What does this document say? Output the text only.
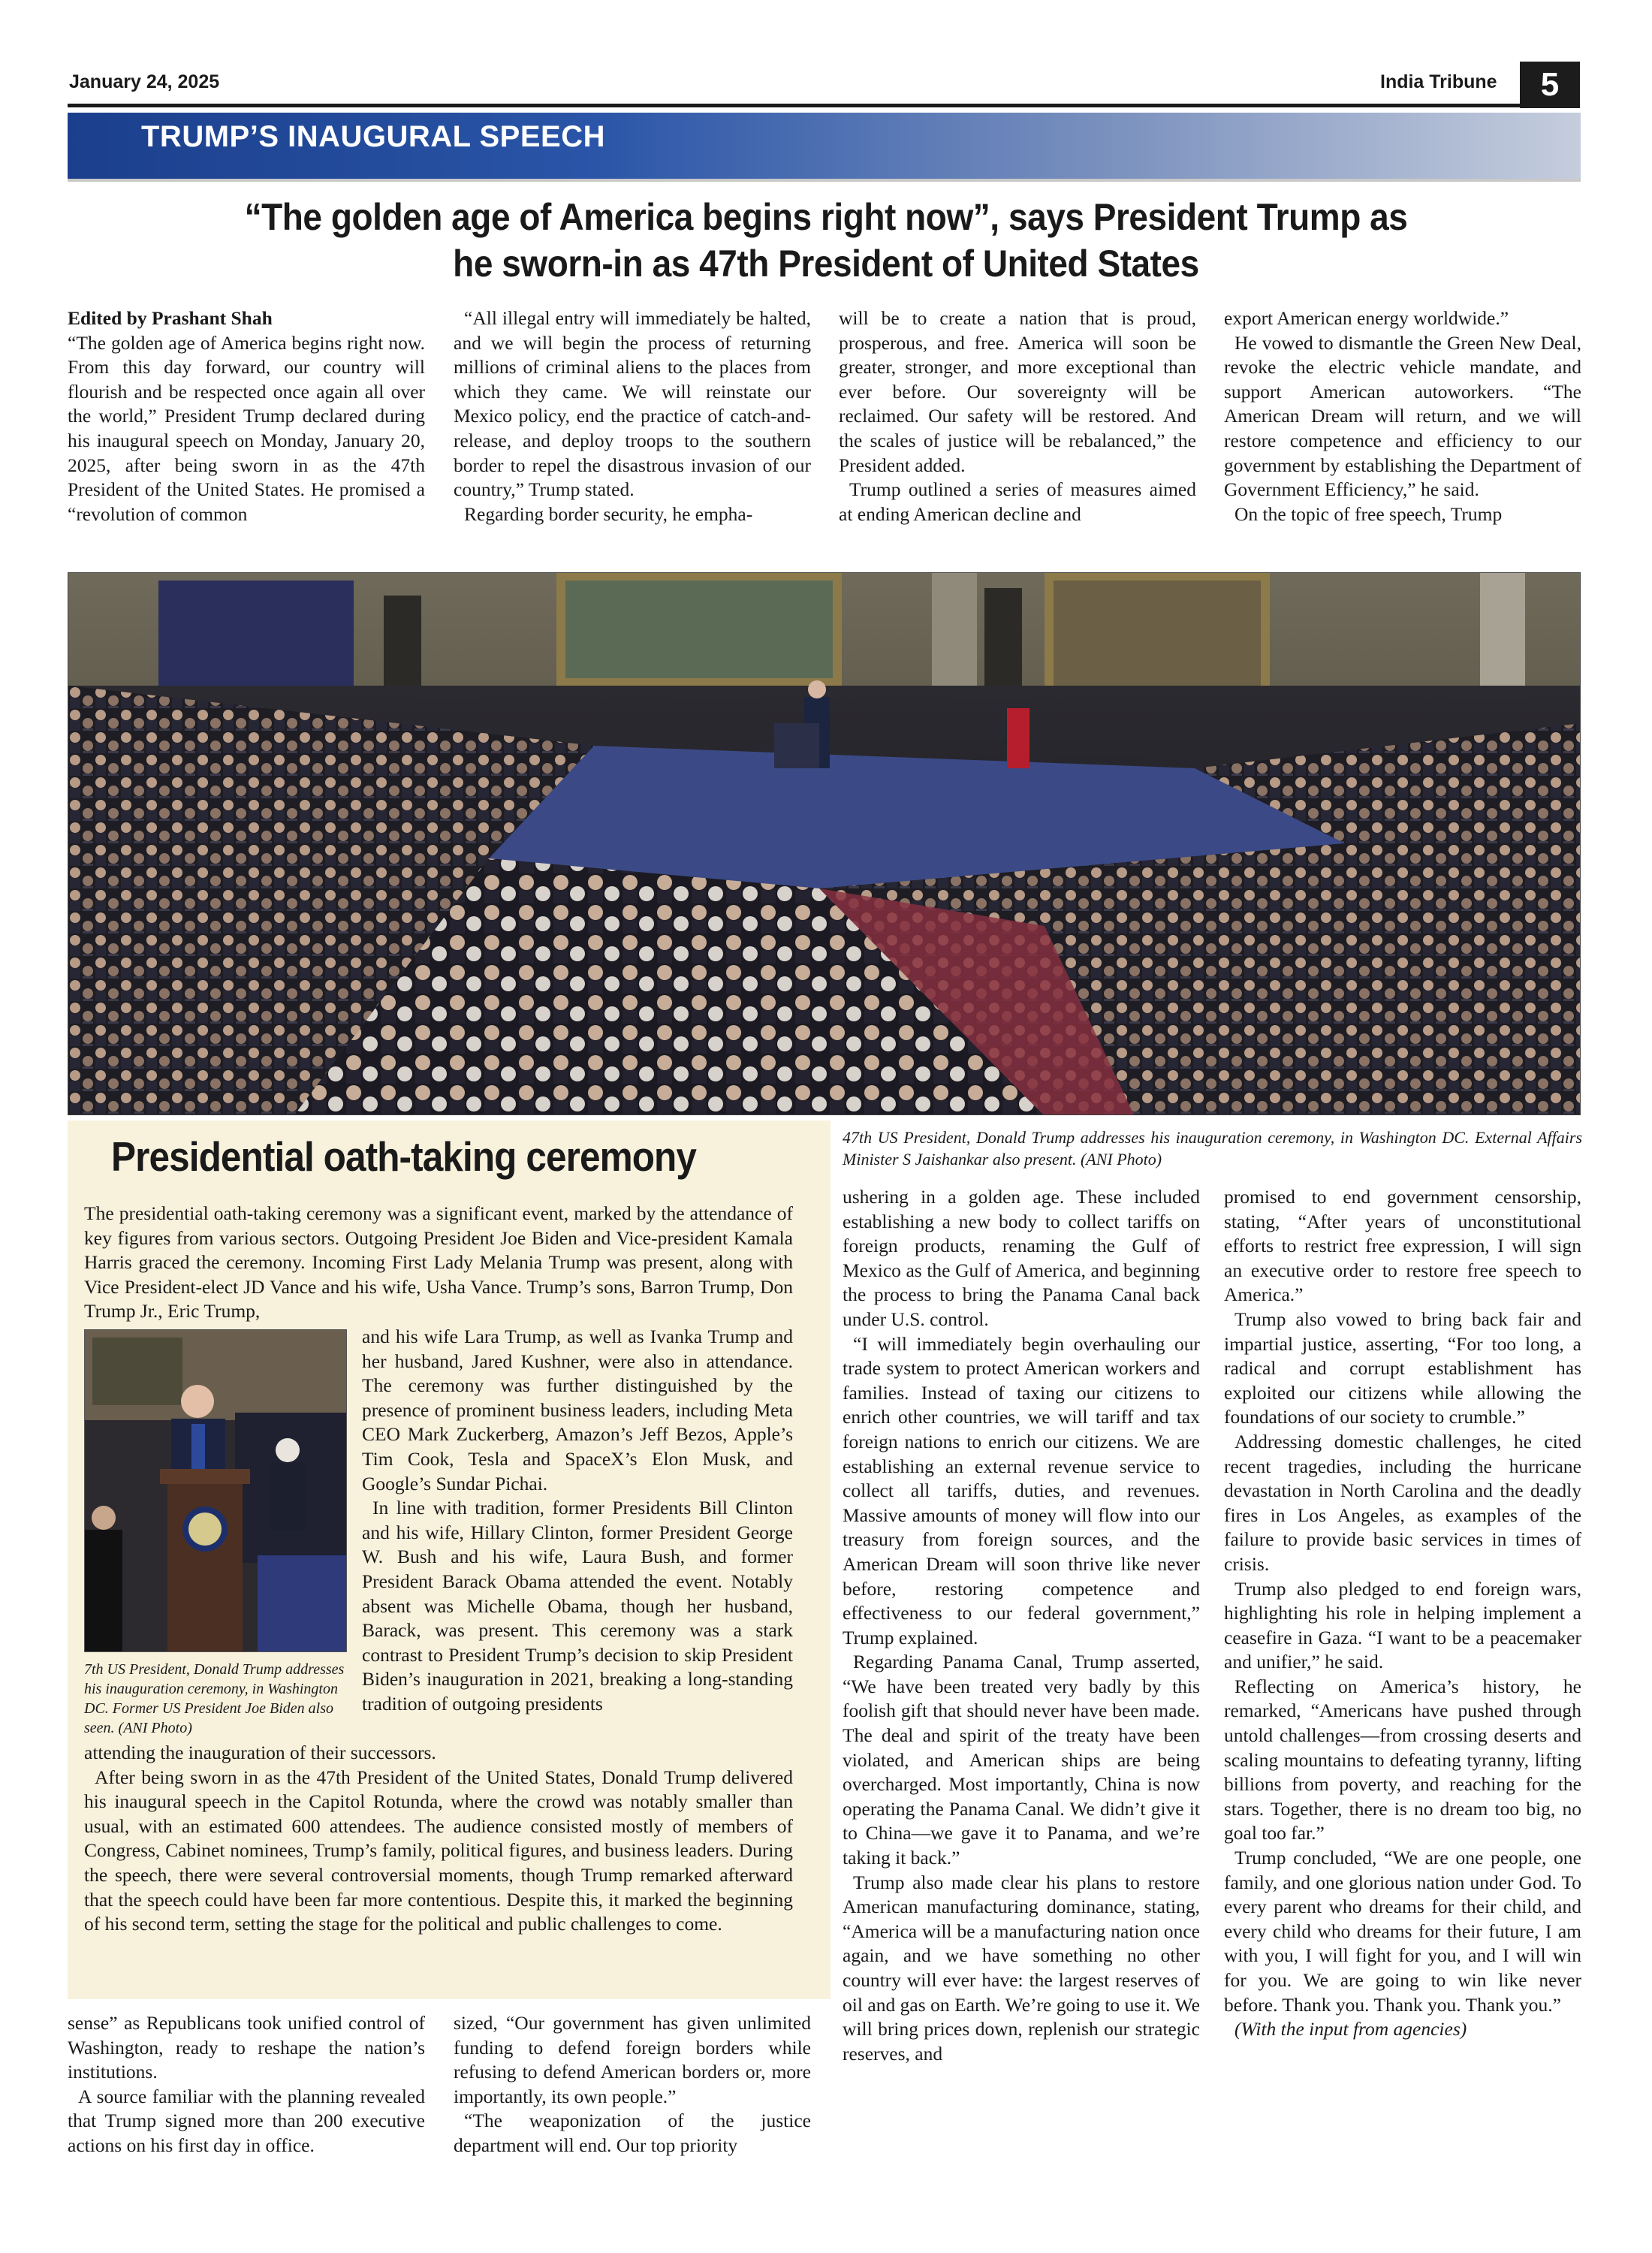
January 24, 2025	India Tribune	5
TRUMP’S INAUGURAL SPEECH
“The golden age of America begins right now”, says President Trump as
he sworn-in as 47th President of United States

Edited by Prashant Shah

“The golden age of America begins right now. From this day forward, our country will flourish and be respected once again all over the world,” President Trump declared during his inaugural speech on Monday, January 20, 2025, after being sworn in as the 47th President of the United States. He promised a “revolution of common

“All illegal entry will immediately be halted, and we will begin the process of returning millions of criminal aliens to the places from which they came. We will reinstate our Mexico policy, end the practice of catch-and-release, and deploy troops to the southern border to repel the disastrous invasion of our country,” Trump stated.

Regarding border security, he empha-

will be to create a nation that is proud, prosperous, and free. America will soon be greater, stronger, and more exceptional than ever before. Our sovereignty will be reclaimed. Our safety will be restored. And the scales of justice will be rebalanced,” the President added.

Trump outlined a series of measures aimed at ending American decline and

export American energy worldwide.”

He vowed to dismantle the Green New Deal, revoke the electric vehicle mandate, and support American autoworkers. “The American Dream will return, and we will restore competence and efficiency to our government by establishing the Department of Government Efficiency,” he said.

On the topic of free speech, Trump

47th US President, Donald Trump addresses his inauguration ceremony, in Washington DC. External Affairs Minister S Jaishankar also present. (ANI Photo)
Presidential oath-taking ceremony

The presidential oath-taking ceremony was a significant event, marked by the attendance of key figures from various sectors. Outgoing President Joe Biden and Vice-president Kamala Harris graced the ceremony. Incoming First Lady Melania Trump was present, along with Vice President-elect JD Vance and his wife, Usha Vance. Trump’s sons, Barron Trump, Don Trump Jr., Eric Trump,

7th US President, Donald Trump addresses his inauguration ceremony, in Washington DC. Former US President Joe Biden also seen. (ANI Photo)

and his wife Lara Trump, as well as Ivanka Trump and her husband, Jared Kushner, were also in attendance. The ceremony was further distinguished by the presence of prominent business leaders, including Meta CEO Mark Zuckerberg, Amazon’s Jeff Bezos, Apple’s Tim Cook, Tesla and SpaceX’s Elon Musk, and Google’s Sundar Pichai.

In line with tradition, former Presidents Bill Clinton and his wife, Hillary Clinton, former President George W. Bush and his wife, Laura Bush, and former President Barack Obama attended the event. Notably absent was Michelle Obama, though her husband, Barack, was present. This ceremony was a stark contrast to President Trump’s decision to skip President Biden’s inauguration in 2021, breaking a long-standing tradition of outgoing presidents

attending the inauguration of their successors.

After being sworn in as the 47th President of the United States, Donald Trump delivered his inaugural speech in the Capitol Rotunda, where the crowd was notably smaller than usual, with an estimated 600 attendees. The audience consisted mostly of members of Congress, Cabinet nominees, Trump’s family, political figures, and business leaders. During the speech, there were several controversial moments, though Trump remarked afterward that the speech could have been far more contentious. Despite this, it marked the beginning of his second term, setting the stage for the political and public challenges to come.

sense” as Republicans took unified control of Washington, ready to reshape the nation’s institutions.

A source familiar with the planning revealed that Trump signed more than 200 executive actions on his first day in office.

sized, “Our government has given unlimited funding to defend foreign borders while refusing to defend American borders or, more importantly, its own people.”

“The weaponization of the justice department will end. Our top priority

ushering in a golden age. These included establishing a new body to collect tariffs on foreign products, renaming the Gulf of Mexico as the Gulf of America, and beginning the process to bring the Panama Canal back under U.S. control.

“I will immediately begin overhauling our trade system to protect American workers and families. Instead of taxing our citizens to enrich other countries, we will tariff and tax foreign nations to enrich our citizens. We are establishing an external revenue service to collect all tariffs, duties, and revenues. Massive amounts of money will flow into our treasury from foreign sources, and the American Dream will soon thrive like never before, restoring competence and effectiveness to our federal government,” Trump explained.

Regarding Panama Canal, Trump asserted, “We have been treated very badly by this foolish gift that should never have been made. The deal and spirit of the treaty have been violated, and American ships are being overcharged. Most importantly, China is now operating the Panama Canal. We didn’t give it to China—we gave it to Panama, and we’re taking it back.”

Trump also made clear his plans to restore American manufacturing dominance, stating, “America will be a manufacturing nation once again, and we have something no other country will ever have: the largest reserves of oil and gas on Earth. We’re going to use it. We will bring prices down, replenish our strategic reserves, and

promised to end government censorship, stating, “After years of unconstitutional efforts to restrict free expression, I will sign an executive order to restore free speech to America.”

Trump also vowed to bring back fair and impartial justice, asserting, “For too long, a radical and corrupt establishment has exploited our citizens while allowing the foundations of our society to crumble.”

Addressing domestic challenges, he cited recent tragedies, including the hurricane devastation in North Carolina and the deadly fires in Los Angeles, as examples of the failure to provide basic services in times of crisis.

Trump also pledged to end foreign wars, highlighting his role in helping implement a ceasefire in Gaza. “I want to be a peacemaker and unifier,” he said.

Reflecting on America’s history, he remarked, “Americans have pushed through untold challenges—from crossing deserts and scaling mountains to defeating tyranny, lifting billions from poverty, and reaching for the stars. Together, there is no dream too big, no goal too far.”

Trump concluded, “We are one people, one family, and one glorious nation under God. To every parent who dreams for their child, and every child who dreams for their future, I am with you, I will fight for you, and I will win for you. We are going to win like never before. Thank you. Thank you. Thank you.”

(With the input from agencies)
